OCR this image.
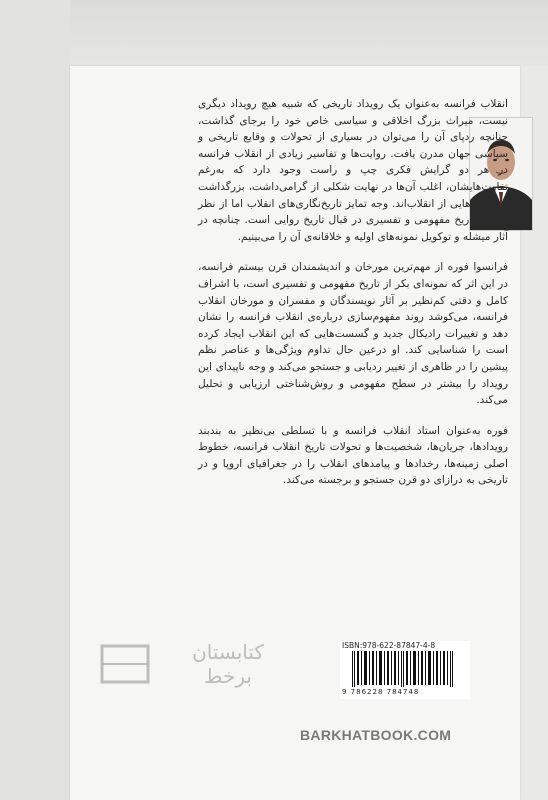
انقلاب فرانسه به‌عنوان یک رویداد تاریخی که شبیه هیچ رویداد دیگری نیست، میراث بزرگ اخلاقی و سیاسی خاص خود را برجای گذاشت، چنانچه ردپای آن را می‌توان در بسیاری از تحولات و وقایع تاریخی و سیاسی جهان مدرن یافت. روایت‌ها و تفاسیر زیادی از انقلاب فرانسه در هر دو گرایش فکری چپ و راست وجود دارد که به‌رغم تفاوت‌هایشان، اغلب آن‌ها در نهایت شکلی از گرامی‌داشت، بزرگداشت و یادنامه‌هایی از انقلاب‌اند. وجه تمایز تاریخ‌نگاری‌های انقلاب اما از نظر فکری، تاریخ مفهومی و تفسیری در قبال تاریخ روایی است. چنانچه در آثار میشله و توکویل نمونه‌های اولیه و خلاقانه‌ی آن را می‌بینیم.

فرانسوا فوره از مهم‌ترین مورخان و اندیشمندان قرن بیستم فرانسه، در این اثر که نمونه‌ای بکر از تاریخ مفهومی و تفسیری است، با اشراف کامل و دقتی کم‌نظیر بر آثار نویسندگان و مفسران و مورخان انقلاب فرانسه، می‌کوشد روند مفهوم‌سازی درباره‌ی انقلاب فرانسه را نشان دهد و تغییرات رادیکال جدید و گسست‌هایی که این انقلاب ایجاد کرده است را شناسایی کند. او درعین حال تداوم ویژگی‌ها و عناصر نظم پیشین را در ظاهری از تغییر ردیابی و جستجو می‌کند و وجه ناپیدای این رویداد را بیشتر در سطح مفهومی و روش‌شناختی ارزیابی و تحلیل می‌کند.

فوره به‌عنوان استاد انقلاب فرانسه و با تسلطی بی‌نظیر به بندبند رویدادها، جریان‌ها، شخصیت‌ها و تحولات تاریخ انقلاب فرانسه، خطوط اصلی زمینه‌ها، رخدادها و پیامدهای انقلاب را در جغرافیای اروپا و در تاریخی به درازای دو قرن جستجو و برجسته می‌کند.

کتابستان
برخط
ISBN:978-622-87847-4-8
9 786228 784748
BARKHATBOOK.COM
